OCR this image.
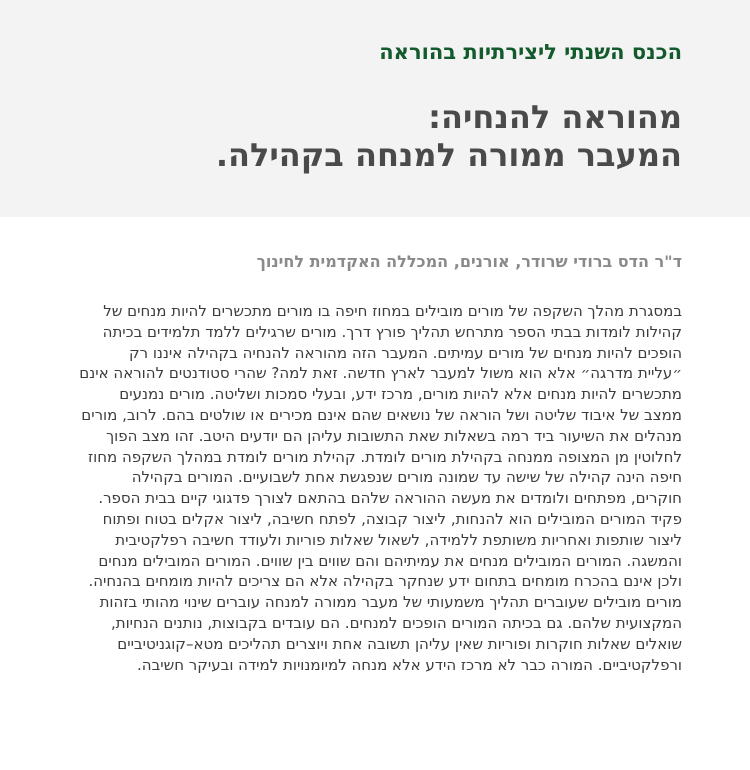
הכנס השנתי ליצירתיות בהוראה
מהוראה להנחיה:
המעבר ממורה למנחה בקהילה.

ד"ר הדס ברודי שרודר, אורנים, המכללה האקדמית לחינוך

במסגרת מהלך השקפה של מורים מובילים במחוז חיפה בו מורים מתכשרים להיות מנחים של
קהילות לומדות בבתי הספר מתרחש תהליך פורץ דרך. מורים שרגילים ללמד תלמידים בכיתה
הופכים להיות מנחים של מורים עמיתים. המעבר הזה מהוראה להנחיה בקהילה איננו רק
״עליית מדרגה״ אלא הוא משול למעבר לארץ חדשה. זאת למה? שהרי סטודנטים להוראה אינם
מתכשרים להיות מנחים אלא להיות מורים, מרכז ידע, ובעלי סמכות ושליטה. מורים נמנעים
ממצב של איבוד שליטה ושל הוראה של נושאים שהם אינם מכירים או שולטים בהם. לרוב, מורים
מנהלים את השיעור ביד רמה בשאלות שאת התשובות עליהן הם יודעים היטב. זהו מצב הפוך
לחלוטין מן המצופה ממנחה בקהילת מורים לומדת. קהילת מורים לומדת במהלך השקפה מחוז
חיפה הינה קהילה של שישה עד שמונה מורים שנפגשת אחת לשבועיים. המורים בקהילה
חוקרים, מפתחים ולומדים את מעשה ההוראה שלהם בהתאם לצורך פדגוגי קיים בבית הספר.
פקיד המורים המובילים הוא להנחות, ליצור קבוצה, לפתח חשיבה, ליצור אקלים בטוח ופתוח
ליצור שותפות ואחריות משותפת ללמידה, לשאול שאלות פוריות ולעודד חשיבה רפלקטיבית
והמשגה. המורים המובילים מנחים את עמיתיהם והם שווים בין שווים. המורים המובילים מנחים
ולכן אינם בהכרח מומחים בתחום ידע שנחקר בקהילה אלא הם צריכים להיות מומחים בהנחיה.
מורים מובילים שעוברים תהליך משמעותי של מעבר ממורה למנחה עוברים שינוי מהותי בזהות
המקצועית שלהם. גם בכיתה המורים הופכים למנחים. הם עובדים בקבוצות, נותנים הנחיות,
שואלים שאלות חוקרות ופוריות שאין עליהן תשובה אחת ויוצרים תהליכים מטא–קוגניטיביים
ורפלקטיביים. המורה כבר לא מרכז הידע אלא מנחה למיומנויות למידה ובעיקר חשיבה.
